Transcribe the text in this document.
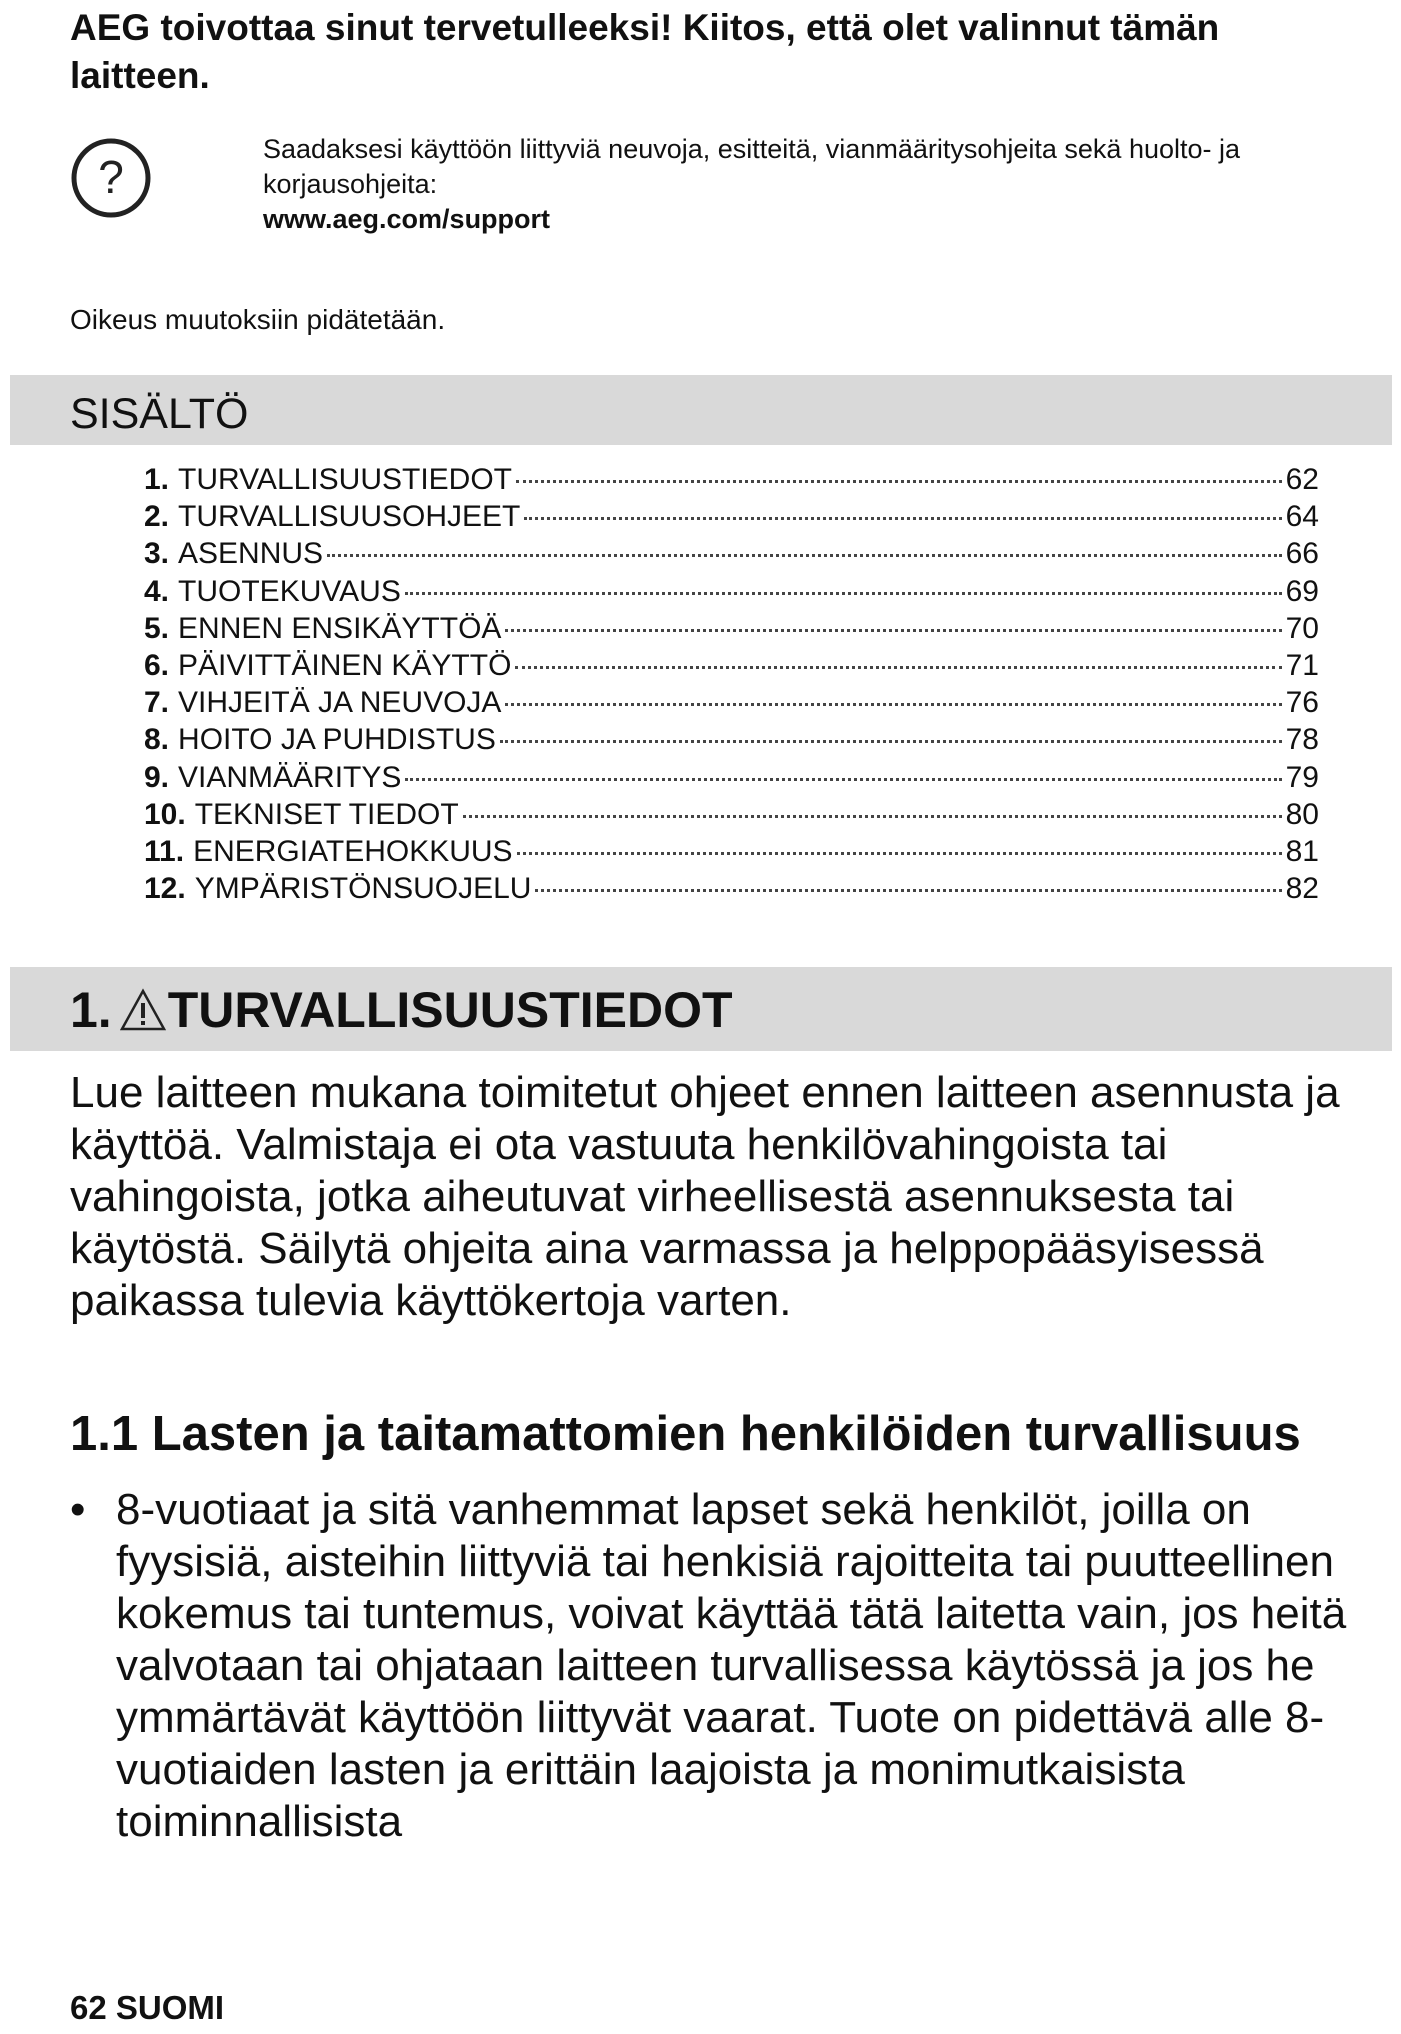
AEG toivottaa sinut tervetulleeksi! Kiitos, että olet valinnut tämän laitteen.
?
Saadaksesi käyttöön liittyviä neuvoja, esitteitä, vianmääritysohjeita sekä huolto- ja korjausohjeita:
www.aeg.com/support
Oikeus muutoksiin pidätetään.
SISÄLTÖ
1. TURVALLISUUSTIEDOT	62
2. TURVALLISUUSOHJEET	64
3. ASENNUS	66
4. TUOTEKUVAUS	69
5. ENNEN ENSIKÄYTTÖÄ	70
6. PÄIVITTÄINEN KÄYTTÖ	71
7. VIHJEITÄ JA NEUVOJA	76
8. HOITO JA PUHDISTUS	78
9. VIANMÄÄRITYS	79
10. TEKNISET TIEDOT	80
11. ENERGIATEHOKKUUS	81
12. YMPÄRISTÖNSUOJELU	82
1. TURVALLISUUSTIEDOT

Lue laitteen mukana toimitetut ohjeet ennen laitteen asennusta ja käyttöä. Valmistaja ei ota vastuuta henkilövahingoista tai vahingoista, jotka aiheutuvat virheellisestä asennuksesta tai käytöstä. Säilytä ohjeita aina varmassa ja helppopääsyisessä paikassa tulevia käyttökertoja varten.

1.1 Lasten ja taitamattomien henkilöiden turvallisuus

• 8-vuotiaat ja sitä vanhemmat lapset sekä henkilöt, joilla on fyysisiä, aisteihin liittyviä tai henkisiä rajoitteita tai puutteellinen kokemus tai tuntemus, voivat käyttää tätä laitetta vain, jos heitä valvotaan tai ohjataan laitteen turvallisessa käytössä ja jos he ymmärtävät käyttöön liittyvät vaarat. Tuote on pidettävä alle 8-vuotiaiden lasten ja erittäin laajoista ja monimutkaisista toiminnallisista

62 SUOMI
